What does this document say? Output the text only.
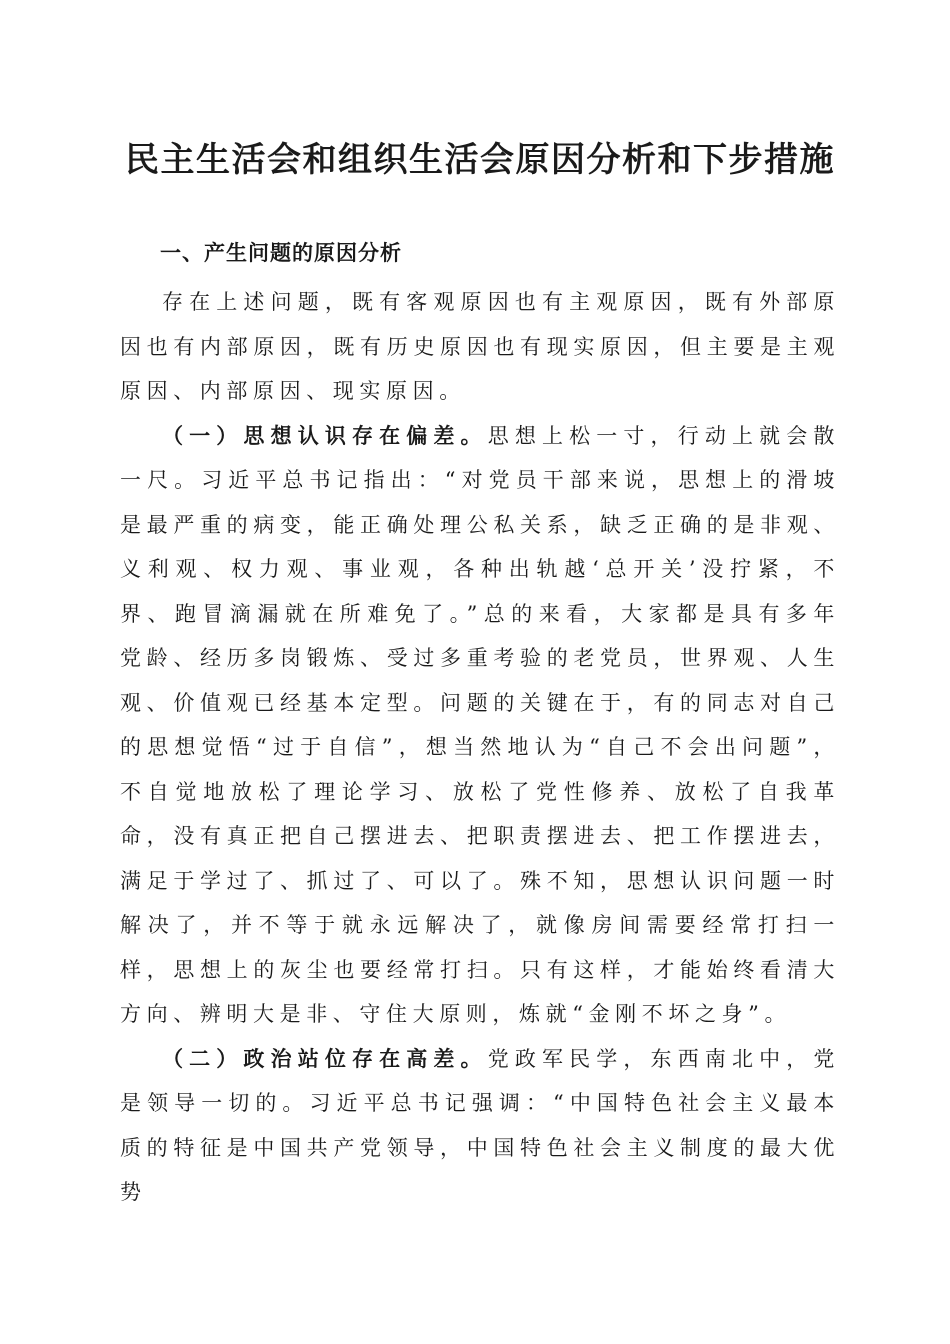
民主生活会和组织生活会原因分析和下步措施
一、产生问题的原因分析

存在上述问题，既有客观原因也有主观原因，既有外部原因也有内部原因，既有历史原因也有现实原因，但主要是主观原因、内部原因、现实原因。

（一）思想认识存在偏差。思想上松一寸，行动上就会散一尺。习近平总书记指出：“对党员干部来说，思想上的滑坡是最严重的病变，能正确处理公私关系，缺乏正确的是非观、义利观、权力观、事业观，各种出轨越‘总开关’没拧紧，不界、跑冒滴漏就在所难免了。”总的来看，大家都是具有多年党龄、经历多岗锻炼、受过多重考验的老党员，世界观、人生观、价值观已经基本定型。问题的关键在于，有的同志对自己的思想觉悟“过于自信”，想当然地认为“自己不会出问题”，不自觉地放松了理论学习、放松了党性修养、放松了自我革命，没有真正把自己摆进去、把职责摆进去、把工作摆进去，满足于学过了、抓过了、可以了。殊不知，思想认识问题一时解决了，并不等于就永远解决了，就像房间需要经常打扫一样，思想上的灰尘也要经常打扫。只有这样，才能始终看清大方向、辨明大是非、守住大原则，炼就“金刚不坏之身”。

（二）政治站位存在高差。党政军民学，东西南北中，党是领导一切的。习近平总书记强调：“中国特色社会主义最本质的特征是中国共产党领导，中国特色社会主义制度的最大优势
